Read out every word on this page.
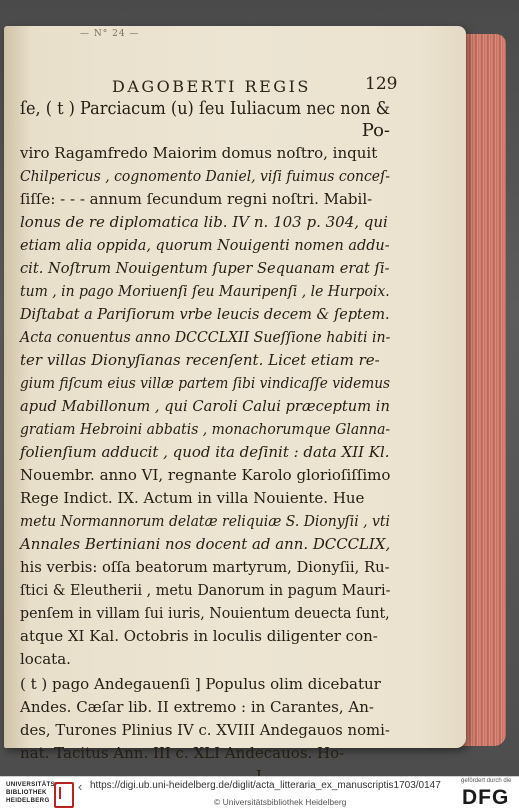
— N° 24 —
DAGOBERTI REGIS	129
ſe, ( t ) Parciacum (u) ſeu Iuliacum nec non &
Po-
viro Ragamfredo Maiorim domus noſtro, inquit
Chilpericus , cognomento Daniel, viſi fuimus conceſ-
ſiſſe: - - - annum ſecundum regni noſtri. Mabil-
lonus de re diplomatica lib. IV n. 103 p. 304, qui
etiam alia oppida, quorum Nouigenti nomen addu-
cit. Noſtrum Nouigentum ſuper Sequanam erat ſi-
tum , in pago Moriuenſi ſeu Mauripenſi , le Hurpoix.
Diſtabat a Pariſiorum vrbe leucis decem & ſeptem.
Acta conuentus anno DCCCLXII Sueſſione habiti in-
ter villas Dionyſianas recenſent. Licet etiam re-
gium fiſcum eius villæ partem ſibi vindicaſſe videmus
apud Mabillonum , qui Caroli Calui præceptum in
gratiam Hebroini abbatis , monachorumque Glanna-
folienſium adducit , quod ita deſinit : data XII Kl.
Nouembr. anno VI, regnante Karolo glorioſiſſimo
Rege Indict. IX. Actum in villa Nouiente. Hue
metu Normannorum delatæ reliquiæ S. Dionyſii , vti
Annales Bertiniani nos docent ad ann. DCCCLIX,
his verbis: oſſa beatorum martyrum, Dionyſii, Ru-
ſtici & Eleutherii , metu Danorum in pagum Mauri-
penſem in villam ſui iuris, Nouientum deuecta ſunt,
atque XI Kal. Octobris in loculis diligenter con-
locata.
( t ) pago Andegauenſi ] Populus olim dicebatur
Andes. Cæſar lib. II extremo : in Carantes, An-
des, Turones Plinius IV c. XVIII Andegauos nomi-
nat. Tacitus Ann. III c. XLI Andecauos. Ho-
UNIVERSITÄTS-
BIBLIOTHEK
HEIDELBERG
‹ https://digi.ub.uni-heidelberg.de/diglit/acta_litteraria_ex_manuscriptis1703/0147
© Universitätsbibliothek Heidelberg
gefördert durch die
DFG
